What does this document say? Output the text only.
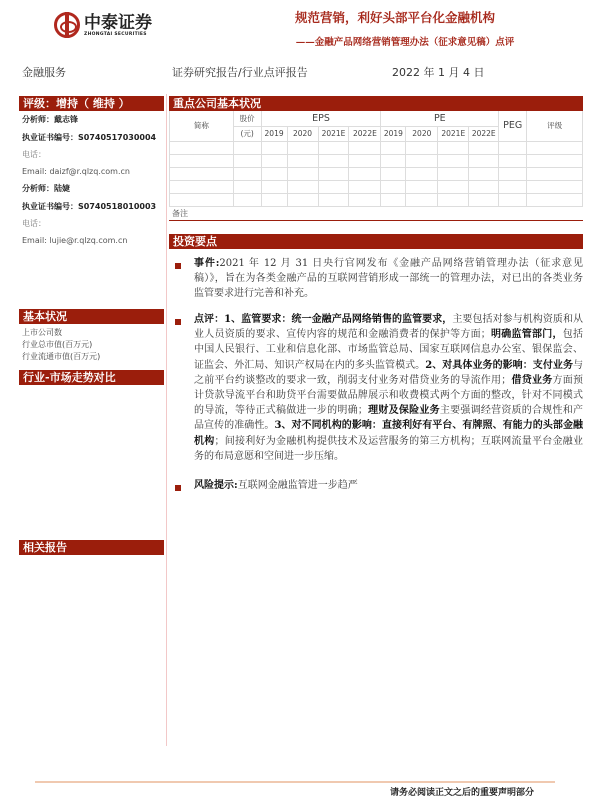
中泰证券
ZHONGTAI SECURITIES
规范营销，利好头部平台化金融机构
——金融产品网络营销管理办法（征求意见稿）点评
金融服务	证券研究报告/行业点评报告	2022 年 1 月 4 日
评级：增持（ 维持 ）
分析师：戴志锋
执业证书编号：S0740517030004
电话：
Email: daizf@r.qlzq.com.cn
分析师：陆婕
执业证书编号：S0740518010003
电话：
Email: lujie@r.qlzq.com.cn
基本状况
上市公司数
行业总市值(百万元)
行业流通市值(百万元)
行业-市场走势对比
相关报告
重点公司基本状况
简称	股价	EPS				PE				PEG	评级
	(元)	2019	2020	2021E	2022E	2019	2020	2021E	2022E		

备注
投资要点
事件:2021 年 12 月 31 日央行官网发布《金融产品网络营销管理办法（征求意见稿）》，旨在为各类金融产品的互联网营销形成一部统一的管理办法，对已出的各类业务监管要求进行完善和补充。
点评：1、监管要求：统一金融产品网络销售的监管要求，主要包括对参与机构资质和从业人员资质的要求、宣传内容的规范和金融消费者的保护等方面；明确监管部门，包括中国人民银行、工业和信息化部、市场监管总局、国家互联网信息办公室、银保监会、证监会、外汇局、知识产权局在内的多头监管模式。2、对具体业务的影响：支付业务与之前平台约谈整改的要求一致，削弱支付业务对借贷业务的导流作用；借贷业务方面预计贷款导流平台和助贷平台需要做品牌展示和收费模式两个方面的整改，针对不同模式的导流，等待正式稿做进一步的明确；理财及保险业务主要强调经营资质的合规性和产品宣传的准确性。3、对不同机构的影响：直接利好有平台、有牌照、有能力的头部金融机构；间接利好为金融机构提供技术及运营服务的第三方机构；互联网流量平台金融业务的布局意愿和空间进一步压缩。
风险提示:互联网金融监管进一步趋严
请务必阅读正文之后的重要声明部分
